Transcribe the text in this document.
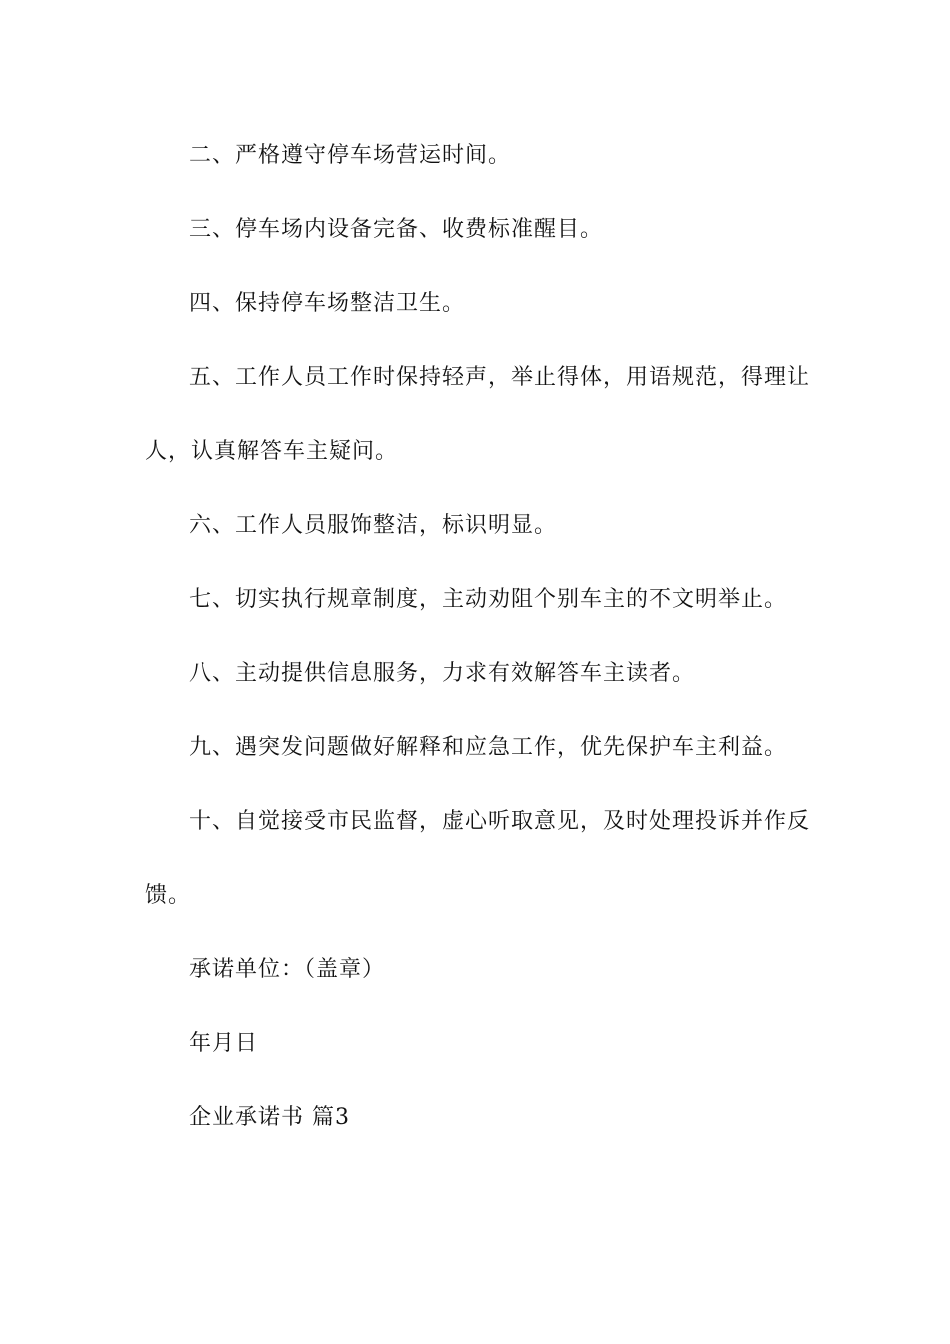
二、严格遵守停车场营运时间。

三、停车场内设备完备、收费标准醒目。

四、保持停车场整洁卫生。

五、工作人员工作时保持轻声，举止得体，用语规范，得理让人，认真解答车主疑问。

六、工作人员服饰整洁，标识明显。

七、切实执行规章制度，主动劝阻个别车主的不文明举止。

八、主动提供信息服务，力求有效解答车主读者。

九、遇突发问题做好解释和应急工作，优先保护车主利益。

十、自觉接受市民监督，虚心听取意见，及时处理投诉并作反馈。

承诺单位：（盖章）

年月日

企业承诺书 篇3
